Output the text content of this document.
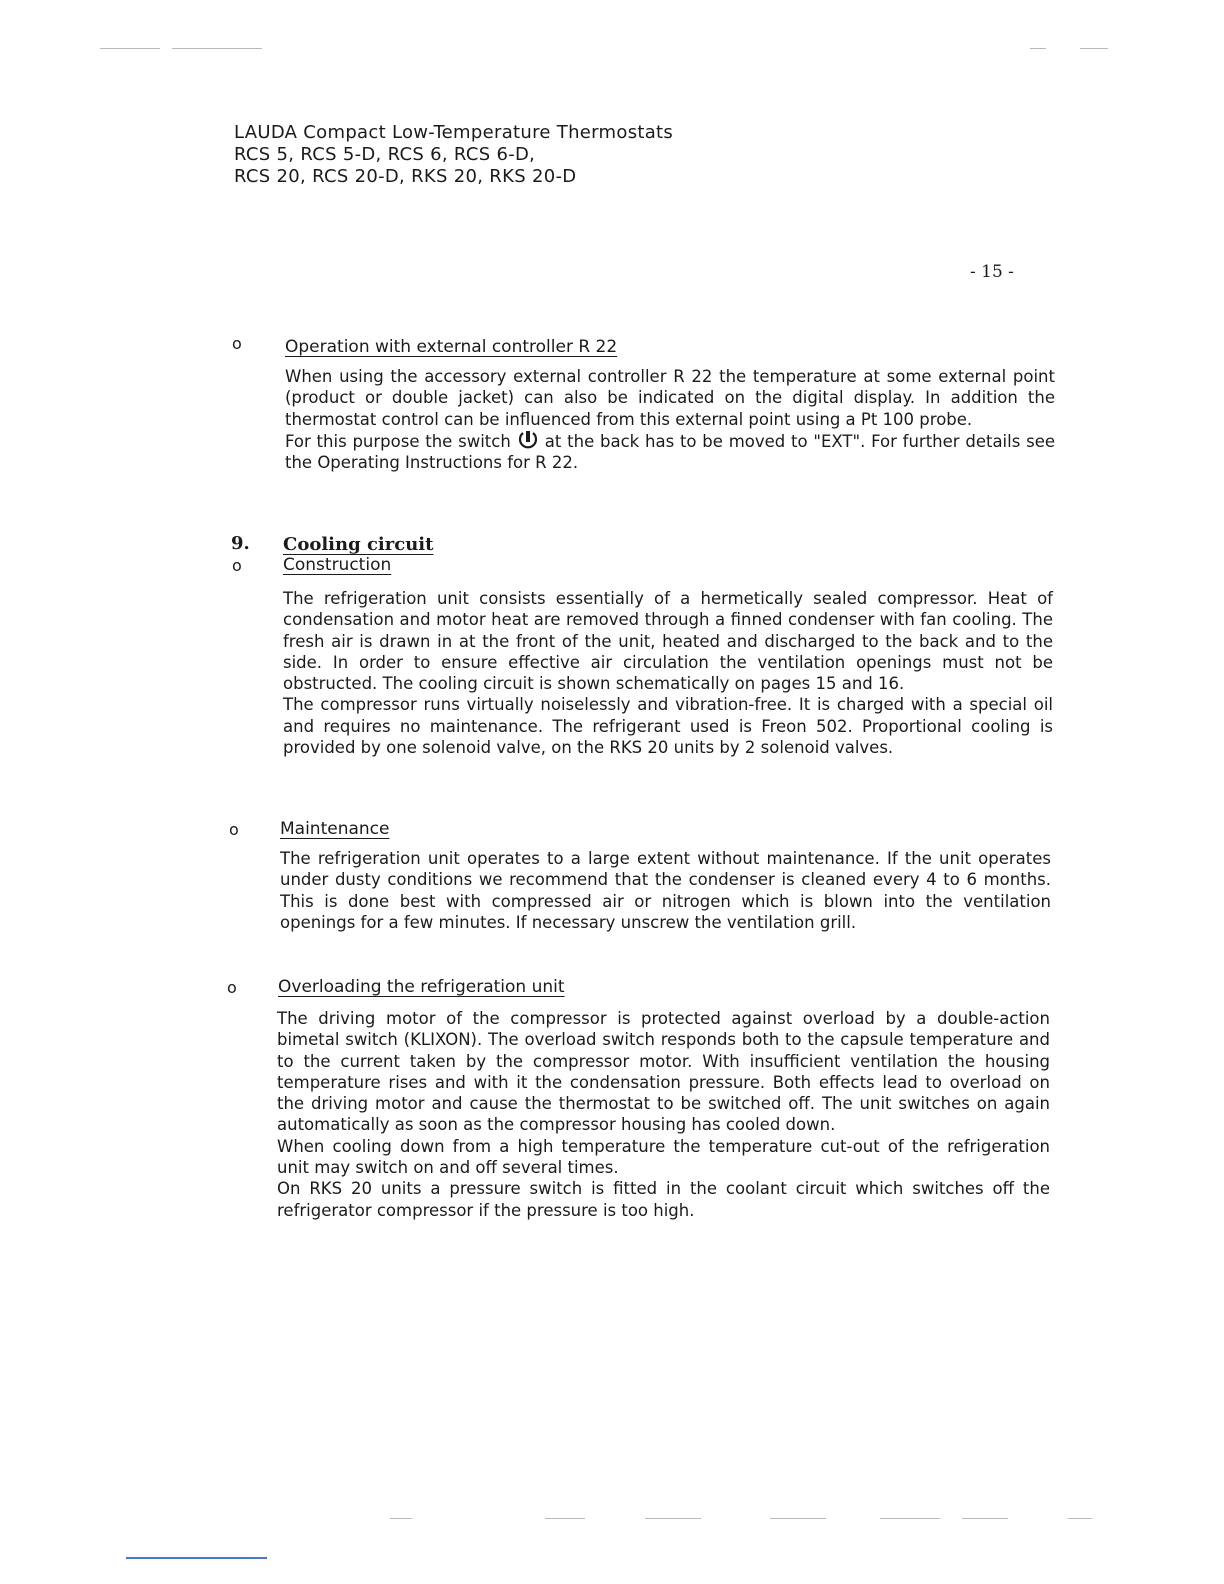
LAUDA Compact Low-Temperature Thermostats
RCS 5, RCS 5-D, RCS 6, RCS 6-D,
RCS 20, RCS 20-D, RKS 20, RKS 20-D
- 15 -
o	Operation with external controller R 22

When using the accessory external controller R 22 the temperature at some external point (product or double jacket) can also be indicated on the digital display. In addition the thermostat control can be influenced from this external point using a Pt 100 probe.

For this purpose the switch at the back has to be moved to "EXT". For further details see the Operating Instructions for R 22.

9. Cooling circuit
o Construction

The refrigeration unit consists essentially of a hermetically sealed compressor. Heat of condensation and motor heat are removed through a finned condenser with fan cooling. The fresh air is drawn in at the front of the unit, heated and discharged to the back and to the side. In order to ensure effective air circulation the ventilation openings must not be obstructed. The cooling circuit is shown schematically on pages 15 and 16.

The compressor runs virtually noiselessly and vibration-free. It is charged with a special oil and requires no maintenance. The refrigerant used is Freon 502. Proportional cooling is provided by one solenoid valve, on the RKS 20 units by 2 solenoid valves.

o Maintenance

The refrigeration unit operates to a large extent without maintenance. If the unit operates under dusty conditions we recommend that the condenser is cleaned every 4 to 6 months. This is done best with compressed air or nitrogen which is blown into the ventilation openings for a few minutes. If necessary unscrew the ventilation grill.

o Overloading the refrigeration unit

The driving motor of the compressor is protected against overload by a double-action bimetal switch (KLIXON). The overload switch responds both to the capsule temperature and to the current taken by the compressor motor. With insufficient ventilation the housing temperature rises and with it the condensation pressure. Both effects lead to overload on the driving motor and cause the thermostat to be switched off. The unit switches on again automatically as soon as the compressor housing has cooled down.

When cooling down from a high temperature the temperature cut-out of the refrigeration unit may switch on and off several times.

On RKS 20 units a pressure switch is fitted in the coolant circuit which switches off the refrigerator compressor if the pressure is too high.
